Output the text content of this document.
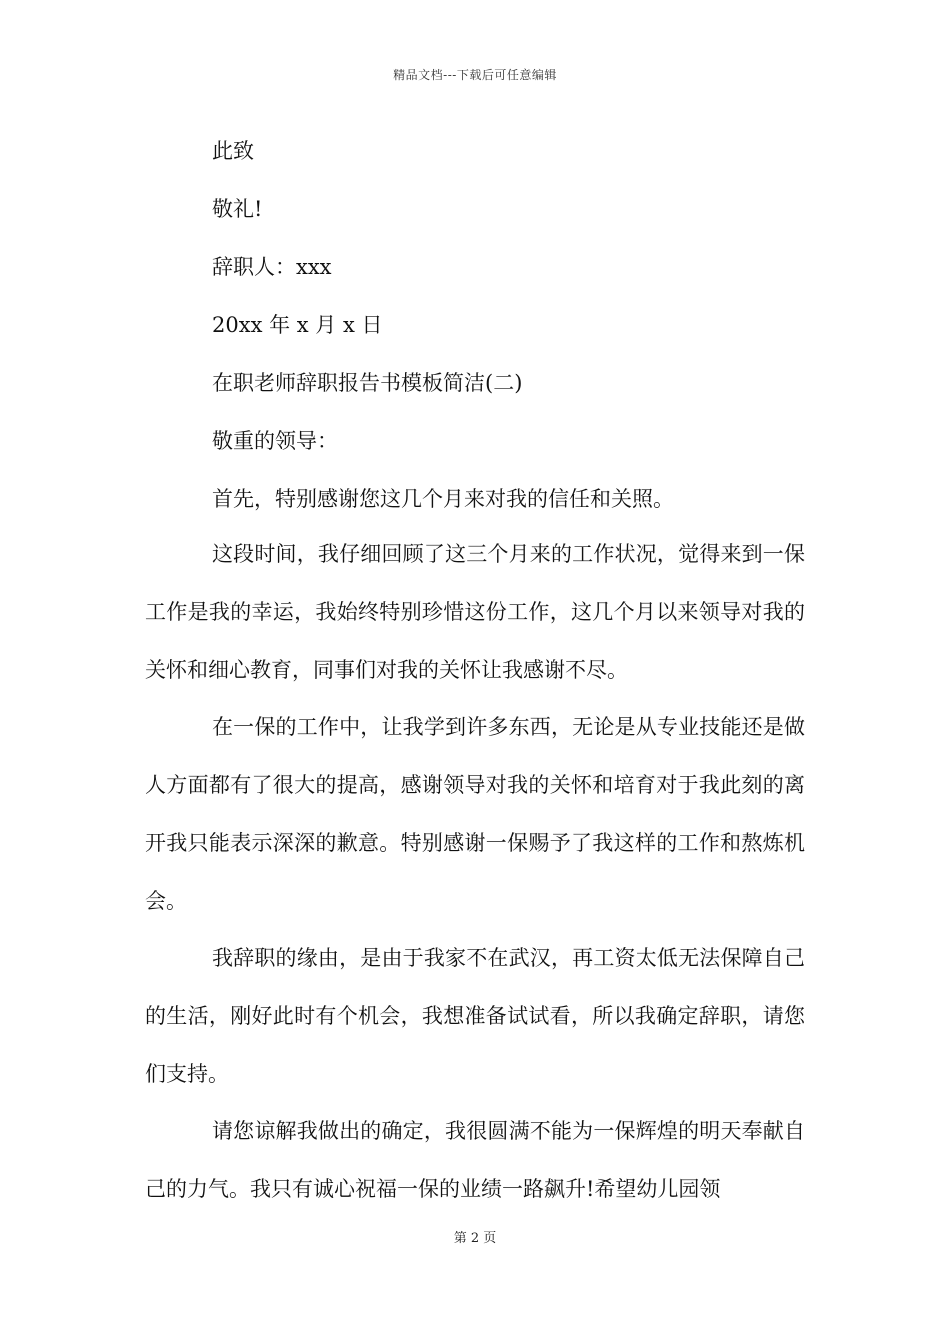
精品文档---下载后可任意编辑
此致
敬礼!
辞职人：xxx
20xx 年 x 月 x 日
在职老师辞职报告书模板简洁(二)
敬重的领导：
首先，特别感谢您这几个月来对我的信任和关照。

这段时间，我仔细回顾了这三个月来的工作状况，觉得来到一保工作是我的幸运，我始终特别珍惜这份工作，这几个月以来领导对我的关怀和细心教育，同事们对我的关怀让我感谢不尽。

在一保的工作中，让我学到许多东西，无论是从专业技能还是做人方面都有了很大的提高，感谢领导对我的关怀和培育对于我此刻的离开我只能表示深深的歉意。特别感谢一保赐予了我这样的工作和熬炼机会。

我辞职的缘由，是由于我家不在武汉，再工资太低无法保障自己的生活，刚好此时有个机会，我想准备试试看，所以我确定辞职，请您们支持。

请您谅解我做出的确定，我很圆满不能为一保辉煌的明天奉献自己的力气。我只有诚心祝福一保的业绩一路飙升!希望幼儿园领

第 2 页
